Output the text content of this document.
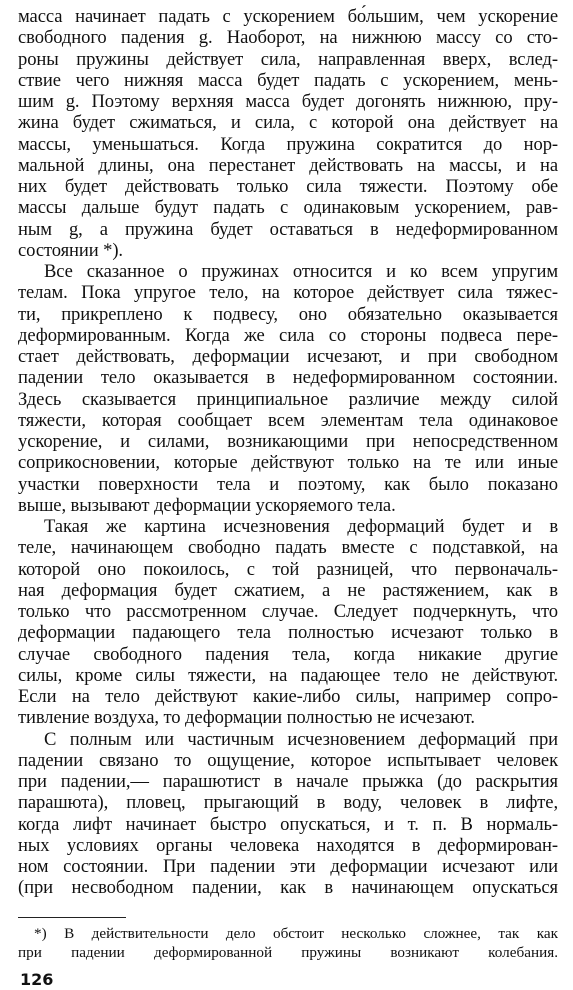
масса начинает падать с ускорением бо́льшим, чем ускорение
свободного падения g. Наоборот, на нижнюю массу со сто-
роны пружины действует сила, направленная вверх, вслед-
ствие чего нижняя масса будет падать с ускорением, мень-
шим g. Поэтому верхняя масса будет догонять нижнюю, пру-
жина будет сжиматься, и сила, с которой она действует на
массы, уменьшаться. Когда пружина сократится до нор-
мальной длины, она перестанет действовать на массы, и на
них будет действовать только сила тяжести. Поэтому обе
массы дальше будут падать с одинаковым ускорением, рав-
ным g, а пружина будет оставаться в недеформированном
состоянии *).
Все сказанное о пружинах относится и ко всем упругим
телам. Пока упругое тело, на которое действует сила тяжес-
ти, прикреплено к подвесу, оно обязательно оказывается
деформированным. Когда же сила со стороны подвеса пере-
стает действовать, деформации исчезают, и при свободном
падении тело оказывается в недеформированном состоянии.
Здесь сказывается принципиальное различие между силой
тяжести, которая сообщает всем элементам тела одинаковое
ускорение, и силами, возникающими при непосредственном
соприкосновении, которые действуют только на те или иные
участки поверхности тела и поэтому, как было показано
выше, вызывают деформации ускоряемого тела.
Такая же картина исчезновения деформаций будет и в
теле, начинающем свободно падать вместе с подставкой, на
которой оно покоилось, с той разницей, что первоначаль-
ная деформация будет сжатием, а не растяжением, как в
только что рассмотренном случае. Следует подчеркнуть, что
деформации падающего тела полностью исчезают только в
случае свободного падения тела, когда никакие другие
силы, кроме силы тяжести, на падающее тело не действуют.
Если на тело действуют какие-либо силы, например сопро-
тивление воздуха, то деформации полностью не исчезают.
С полным или частичным исчезновением деформаций при
падении связано то ощущение, которое испытывает человек
при падении,— парашютист в начале прыжка (до раскрытия
парашюта), пловец, прыгающий в воду, человек в лифте,
когда лифт начинает быстро опускаться, и т. п. В нормаль-
ных условиях органы человека находятся в деформирован-
ном состоянии. При падении эти деформации исчезают или
(при несвободном падении, как в начинающем опускаться
*) В действительности дело обстоит несколько сложнее, так как
при падении деформированной пружины возникают колебания.
126
